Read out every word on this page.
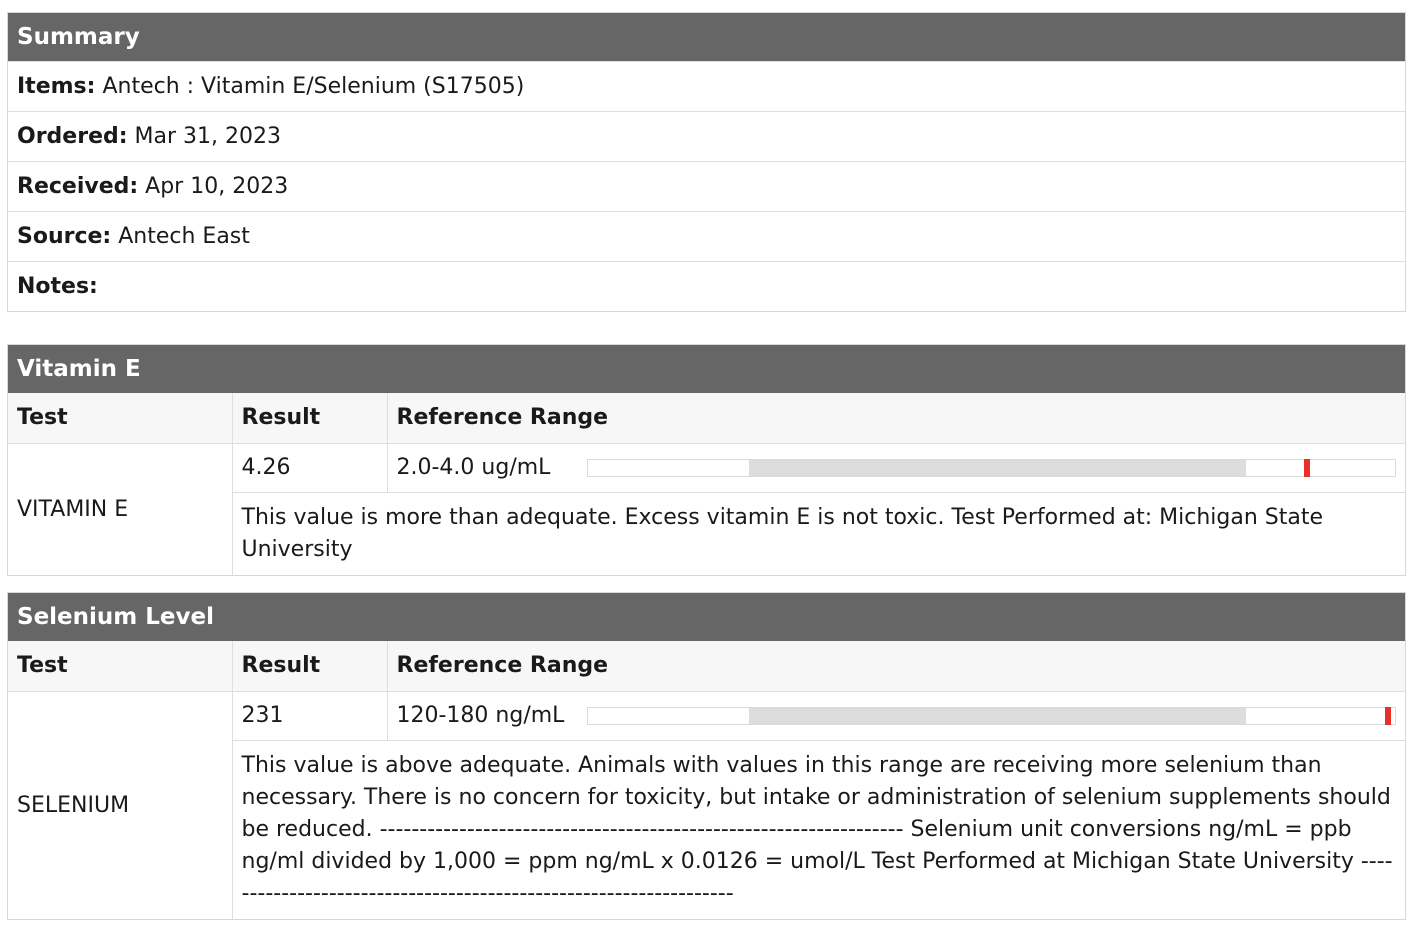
Summary
Items: Antech : Vitamin E/Selenium (S17505)
Ordered: Mar 31, 2023
Received: Apr 10, 2023
Source: Antech East
Notes:
Vitamin E
Test	Result	Reference Range
VITAMIN E	4.26	2.0-4.0 ug/mL

	This value is more than adequate. Excess vitamin E is not toxic. Test Performed at: Michigan State University	
Selenium Level
Test	Result	Reference Range
SELENIUM	231	120-180 ng/mL

	This value is above adequate. Animals with values in this range are receiving more selenium than necessary. There is no concern for toxicity, but intake or administration of selenium supplements should be reduced. ------------------------------------------------------------------ Selenium unit conversions ng/mL = ppb ng/ml divided by 1,000 = ppm ng/mL x 0.0126 = umol/L Test Performed at Michigan State University ------------------------------------------------------------------	
